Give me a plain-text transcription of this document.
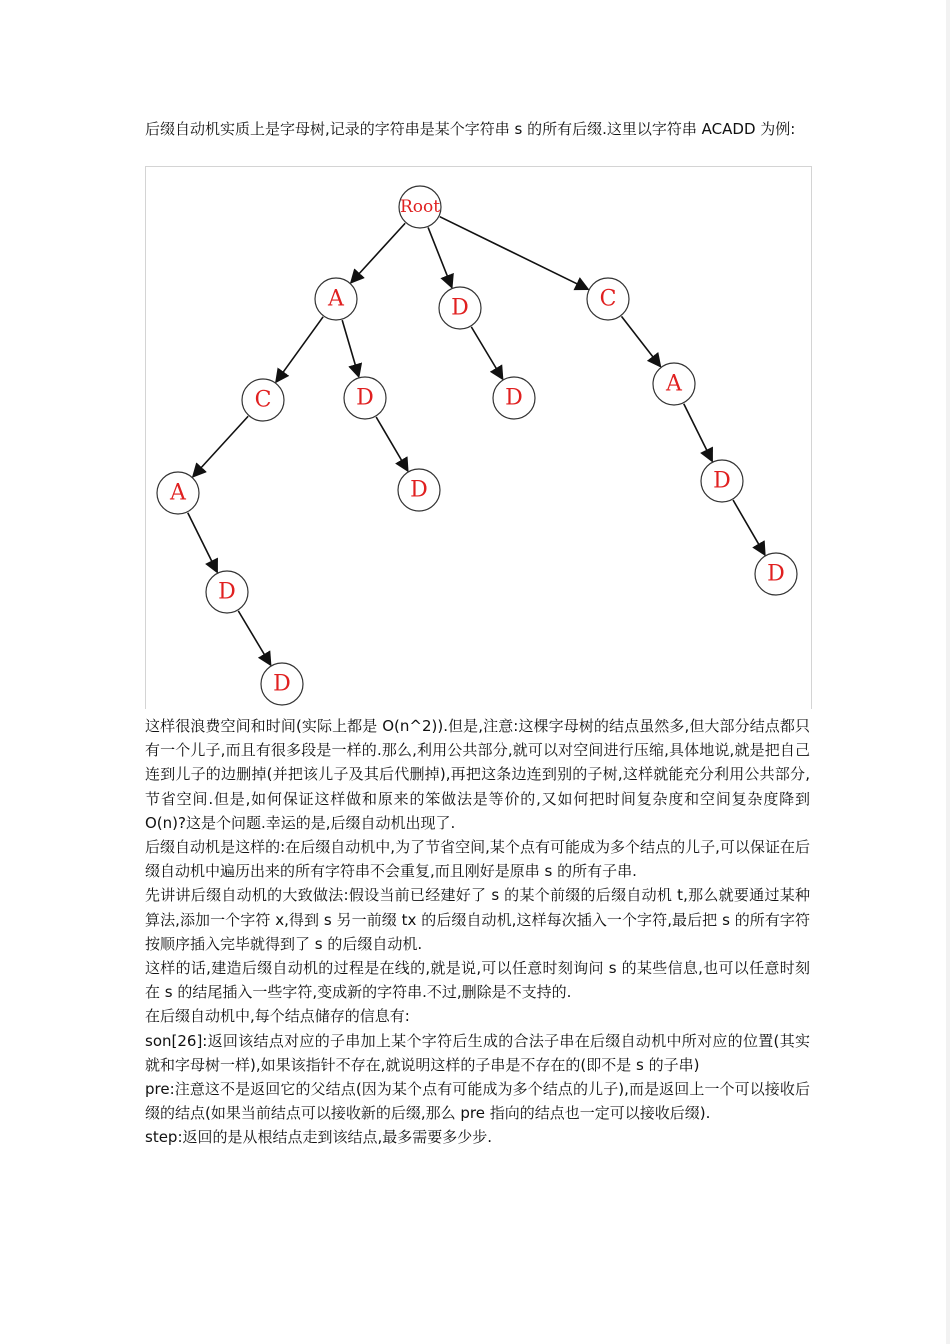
后缀自动机实质上是字母树,记录的字符串是某个字符串 s 的所有后缀.这里以字符串 ACADD 为例:

Root
A	D	C
C	D	D
A
A	D	D
D
D
D

这样很浪费空间和时间(实际上都是 O(n^2)).但是,注意:这棵字母树的结点虽然多,但大部分结点都只有一个儿子,而且有很多段是一样的.那么,利用公共部分,就可以对空间进行压缩,具体地说,就是把自己连到儿子的边删掉(并把该儿子及其后代删掉),再把这条边连到别的子树,这样就能充分利用公共部分,节省空间.但是,如何保证这样做和原来的笨做法是等价的,又如何把时间复杂度和空间复杂度降到 O(n)?这是个问题.幸运的是,后缀自动机出现了.

后缀自动机是这样的:在后缀自动机中,为了节省空间,某个点有可能成为多个结点的儿子,可以保证在后缀自动机中遍历出来的所有字符串不会重复,而且刚好是原串 s 的所有子串.

先讲讲后缀自动机的大致做法:假设当前已经建好了 s 的某个前缀的后缀自动机 t,那么就要通过某种算法,添加一个字符 x,得到 s 另一前缀 tx 的后缀自动机,这样每次插入一个字符,最后把 s 的所有字符按顺序插入完毕就得到了 s 的后缀自动机.

这样的话,建造后缀自动机的过程是在线的,就是说,可以任意时刻询问 s 的某些信息,也可以任意时刻在 s 的结尾插入一些字符,变成新的字符串.不过,删除是不支持的.

在后缀自动机中,每个结点储存的信息有:

son[26]:返回该结点对应的子串加上某个字符后生成的合法子串在后缀自动机中所对应的位置(其实就和字母树一样),如果该指针不存在,就说明这样的子串是不存在的(即不是 s 的子串)

pre:注意这不是返回它的父结点(因为某个点有可能成为多个结点的儿子),而是返回上一个可以接收后缀的结点(如果当前结点可以接收新的后缀,那么 pre 指向的结点也一定可以接收后缀).

step:返回的是从根结点走到该结点,最多需要多少步.
